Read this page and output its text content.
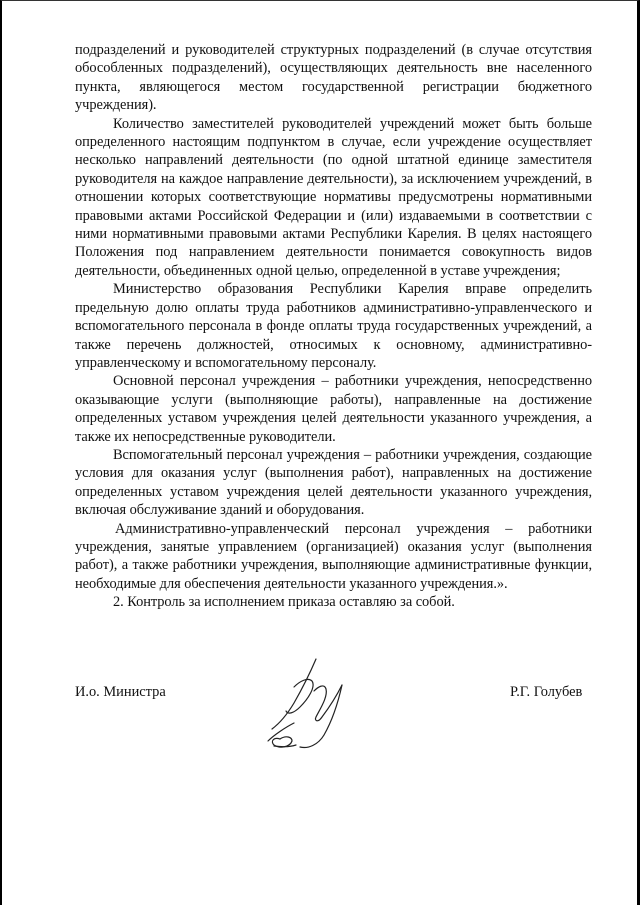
подразделений и руководителей структурных подразделений (в случае отсутствия обособленных подразделений), осуществляющих деятельность вне населенного пункта, являющегося местом государственной регистрации бюджетного учреждения).

Количество заместителей руководителей учреждений может быть больше определенного настоящим подпунктом в случае, если учреждение осуществляет несколько направлений деятельности (по одной штатной единице заместителя руководителя на каждое направление деятельности), за исключением учреждений, в отношении которых соответствующие нормативы предусмотрены нормативными правовыми актами Российской Федерации и (или) издаваемыми в соответствии с ними нормативными правовыми актами Республики Карелия. В целях настоящего Положения под направлением деятельности понимается совокупность видов деятельности, объединенных одной целью, определенной в уставе учреждения;

Министерство образования Республики Карелия вправе определить предельную долю оплаты труда работников административно-управленческого и вспомогательного персонала в фонде оплаты труда государственных учреждений, а также перечень должностей, относимых к основному, административно-управленческому и вспомогательному персоналу.

Основной персонал учреждения – работники учреждения, непосредственно оказывающие услуги (выполняющие работы), направленные на достижение определенных уставом учреждения целей деятельности указанного учреждения, а также их непосредственные руководители.

Вспомогательный персонал учреждения – работники учреждения, создающие условия для оказания услуг (выполнения работ), направленных на достижение определенных уставом учреждения целей деятельности указанного учреждения, включая обслуживание зданий и оборудования.

Административно-управленческий персонал учреждения – работники учреждения, занятые управлением (организацией) оказания услуг (выполнения работ), а также работники учреждения, выполняющие административные функции, необходимые для обеспечения деятельности указанного учреждения.».

2. Контроль за исполнением приказа оставляю за собой.

И.о. Министра	Р.Г. Голубев
